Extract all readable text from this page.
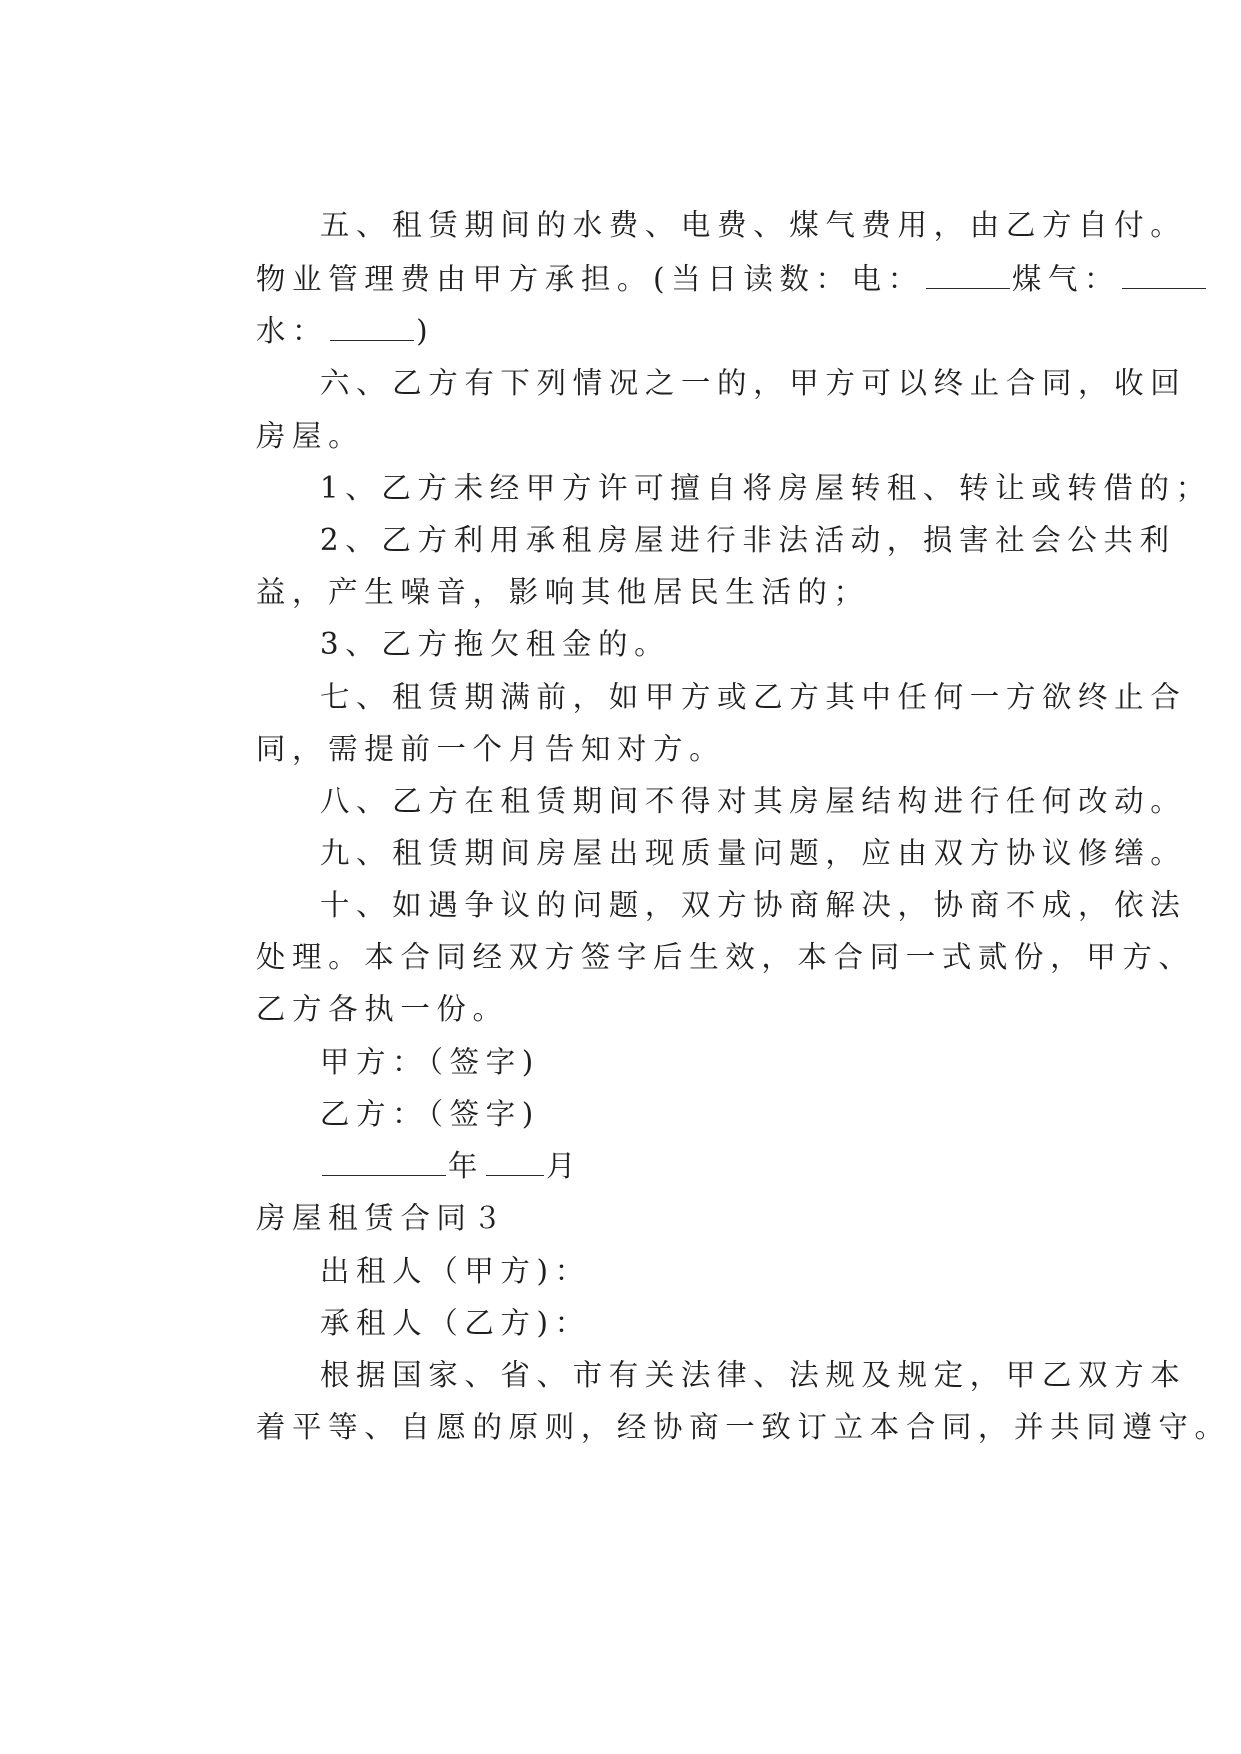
五、租赁期间的水费、电费、煤气费用，由乙方自付。

物业管理费由甲方承担。(当日读数：电：	煤气：

水：	)

六、乙方有下列情况之一的，甲方可以终止合同，收回

房屋。

1、乙方未经甲方许可擅自将房屋转租、转让或转借的；

2、乙方利用承租房屋进行非法活动，损害社会公共利

益，产生噪音，影响其他居民生活的；

3、乙方拖欠租金的。

七、租赁期满前，如甲方或乙方其中任何一方欲终止合

同，需提前一个月告知对方。

八、乙方在租赁期间不得对其房屋结构进行任何改动。

九、租赁期间房屋出现质量问题，应由双方协议修缮。

十、如遇争议的问题，双方协商解决，协商不成，依法

处理。本合同经双方签字后生效，本合同一式贰份，甲方、

乙方各执一份。

甲方：（签字)

乙方：（签字)

年 月

房屋租赁合同３

出租人（甲方)：

承租人（乙方)：

根据国家、省、市有关法律、法规及规定，甲乙双方本

着平等、自愿的原则，经协商一致订立本合同，并共同遵守。
